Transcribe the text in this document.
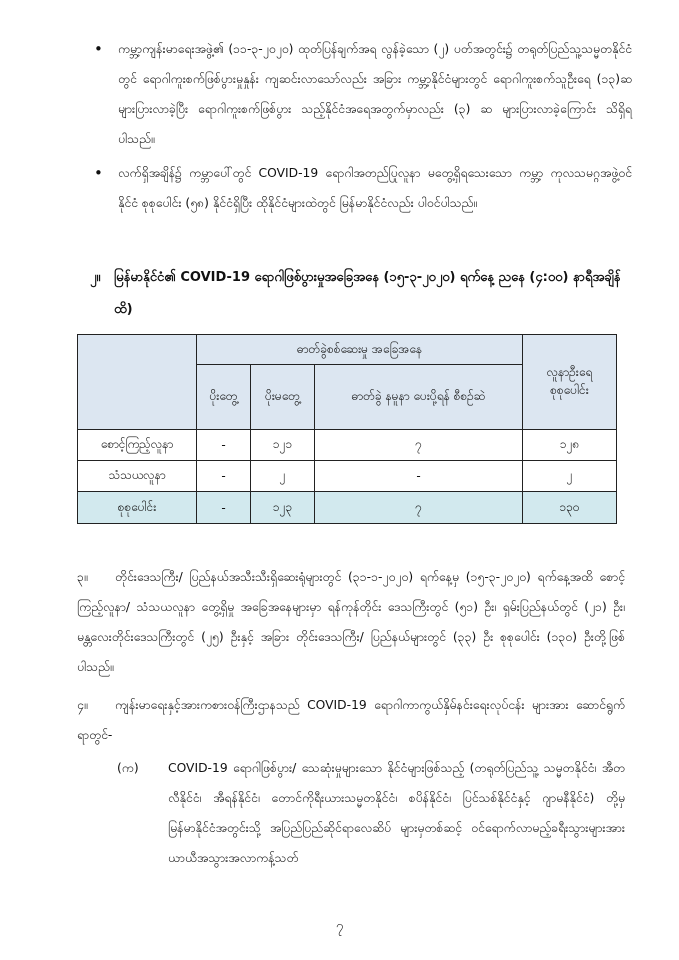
• ကမ္ဘာ့ကျန်းမာရေးအဖွဲ့၏ (၁၁-၃-၂၀၂၀) ထုတ်ပြန်ချက်အရ လွန်ခဲ့သော (၂) ပတ်အတွင်း၌ တရုတ်ပြည်သူ့သမ္မတနိုင်ငံတွင် ရောဂါကူးစက်ဖြစ်ပွားမှုနှုန်း ကျဆင်းလာသော်လည်း အခြား ကမ္ဘာ့နိုင်ငံများတွင် ရောဂါကူးစက်သူဦးရေ (၁၃)ဆများပြားလာခဲ့ပြီး ရောဂါကူးစက်ဖြစ်ပွား သည့်နိုင်ငံအရေအတွက်မှာလည်း (၃) ဆ များပြားလာခဲ့ကြောင်း သိရှိရပါသည်။
• လက်ရှိအချိန်၌ ကမ္ဘာပေါ်တွင် COVID-19 ရောဂါအတည်ပြုလူနာ မတွေ့ရှိရသေးသော ကမ္ဘာ့ ကုလသမဂ္ဂအဖွဲ့ဝင်နိုင်ငံ စုစုပေါင်း (၅၈) နိုင်ငံရှိပြီး ထိုနိုင်ငံများထဲတွင် မြန်မာနိုင်ငံလည်း ပါဝင်ပါသည်။
၂။	မြန်မာနိုင်ငံ၏ COVID-19 ရောဂါဖြစ်ပွားမှုအခြေအနေ (၁၅-၃-၂၀၂၀) ရက်နေ့ ညနေ (၄:၀၀) နာရီအချိန်ထိ)
	ဓာတ်ခွဲစစ်ဆေးမှု အခြေအနေ			လူနာဦးရေ စုစုပေါင်း
	ပိုးတွေ့	ပိုးမတွေ့	ဓာတ်ခွဲ နမူနာ ပေးပို့ရန် စီစဉ်ဆဲ	
စောင့်ကြည့်လူနာ	-	၁၂၁	၇	၁၂၈
သံသယလူနာ	-	၂	-	၂
စုစုပေါင်း	-	၁၂၃	၇	၁၃၀
၃။ တိုင်းဒေသကြီး/ ပြည်နယ်အသီးသီးရှိဆေးရုံများတွင် (၃၁-၁-၂၀၂၀) ရက်နေ့မှ (၁၅-၃-၂၀၂၀) ရက်နေ့အထိ စောင့်ကြည့်လူနာ/ သံသယလူနာ တွေ့ရှိမှု အခြေအနေများမှာ ရန်ကုန်တိုင်း ဒေသကြီးတွင် (၅၁) ဦး၊ ရှမ်းပြည်နယ်တွင် (၂၁) ဦး၊ မန္တလေးတိုင်းဒေသကြီးတွင် (၂၅) ဦးနှင့် အခြား တိုင်းဒေသကြီး/ ပြည်နယ်များတွင် (၃၃) ဦး စုစုပေါင်း (၁၃၀) ဦးတို့ဖြစ်ပါသည်။
၄။ ကျန်းမာရေးနှင့်အားကစားဝန်ကြီးဌာနသည် COVID-19 ရောဂါကာကွယ်နှိမ်နင်းရေးလုပ်ငန်း များအား ဆောင်ရွက်ရာတွင်-
(က)	COVID-19 ရောဂါဖြစ်ပွား/ သေဆုံးမှုများသော နိုင်ငံများဖြစ်သည့် (တရုတ်ပြည်သူ့ သမ္မတနိုင်ငံ၊ အီတလီနိုင်ငံ၊ အီရန်နိုင်ငံ၊ တောင်ကိုရီးယားသမ္မတနိုင်ငံ၊ စပိန်နိုင်ငံ၊ ပြင်သစ်နိုင်ငံနှင့် ဂျာမနီနိုင်ငံ) တို့မှမြန်မာနိုင်ငံအတွင်းသို့ အပြည်ပြည်ဆိုင်ရာလေဆိပ် များမှတစ်ဆင့် ဝင်ရောက်လာမည့်ခရီးသွားများအား ယာယီအသွားအလာကန့်သတ်
၇
